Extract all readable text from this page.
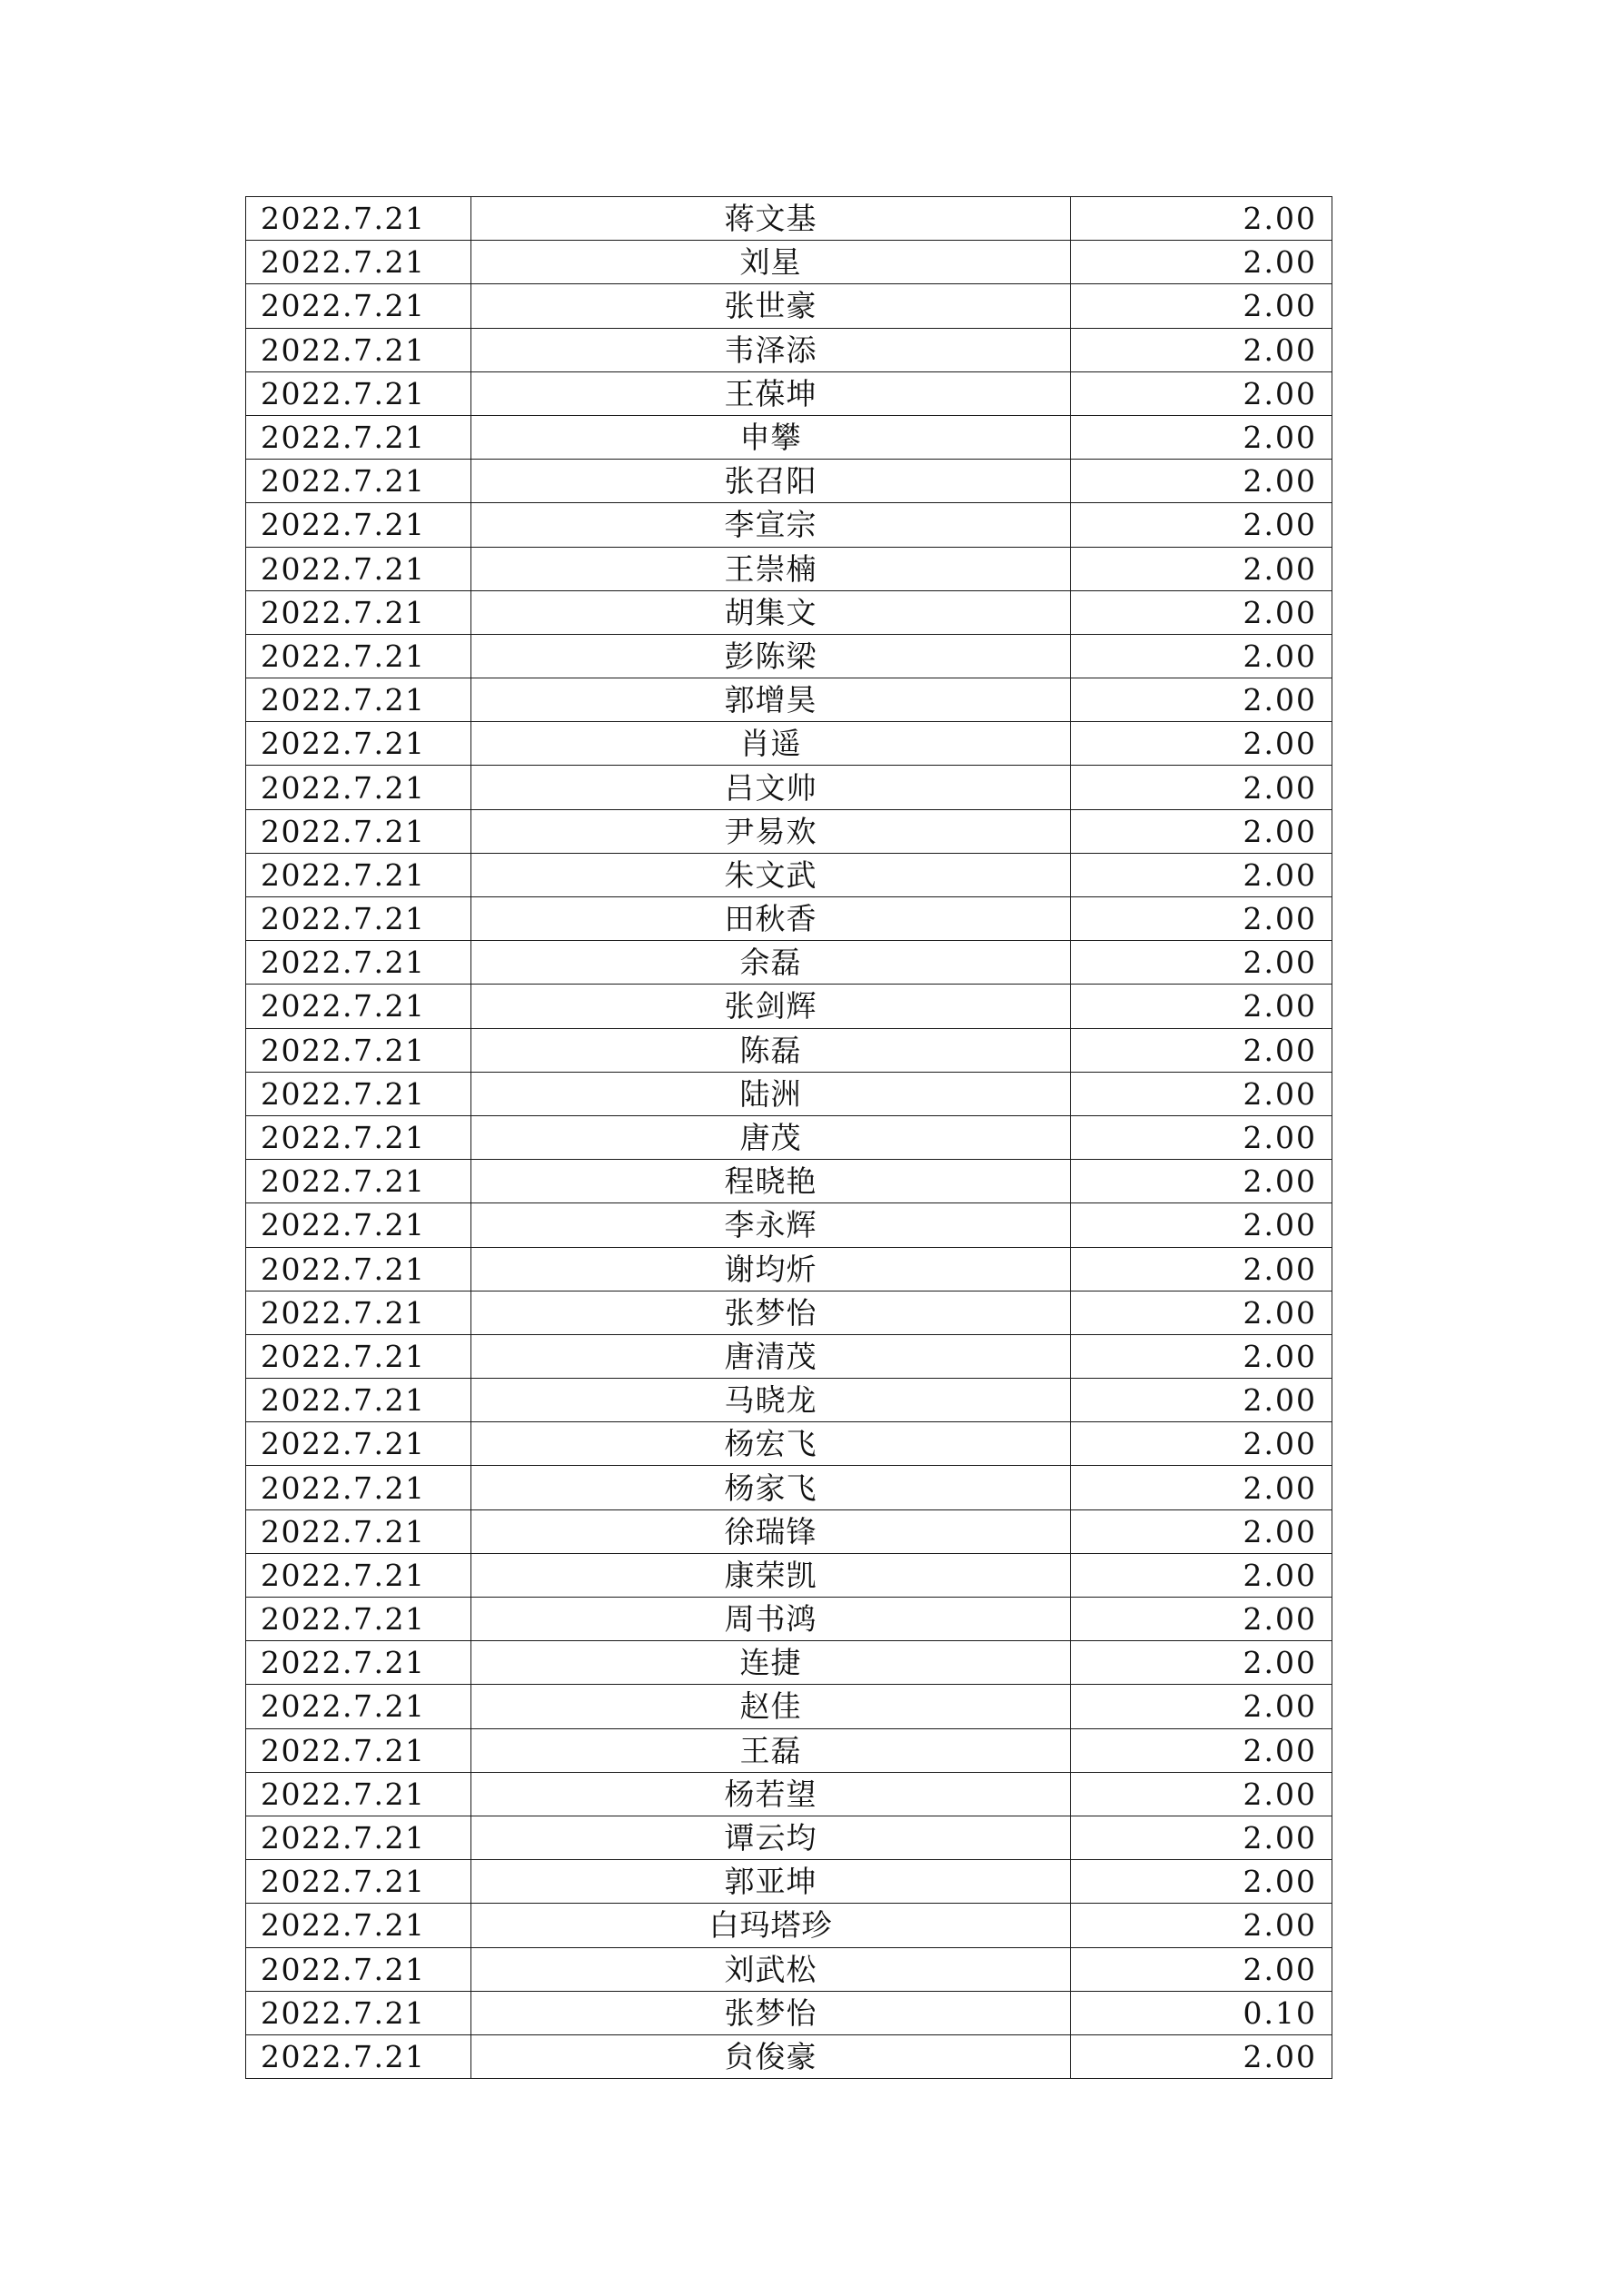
2022.7.21	蒋文基	2.00
2022.7.21	刘星	2.00
2022.7.21	张世豪	2.00
2022.7.21	韦泽添	2.00
2022.7.21	王葆坤	2.00
2022.7.21	申攀	2.00
2022.7.21	张召阳	2.00
2022.7.21	李宣宗	2.00
2022.7.21	王崇楠	2.00
2022.7.21	胡集文	2.00
2022.7.21	彭陈梁	2.00
2022.7.21	郭增昊	2.00
2022.7.21	肖遥	2.00
2022.7.21	吕文帅	2.00
2022.7.21	尹易欢	2.00
2022.7.21	朱文武	2.00
2022.7.21	田秋香	2.00
2022.7.21	余磊	2.00
2022.7.21	张剑辉	2.00
2022.7.21	陈磊	2.00
2022.7.21	陆洲	2.00
2022.7.21	唐茂	2.00
2022.7.21	程晓艳	2.00
2022.7.21	李永辉	2.00
2022.7.21	谢均炘	2.00
2022.7.21	张梦怡	2.00
2022.7.21	唐清茂	2.00
2022.7.21	马晓龙	2.00
2022.7.21	杨宏飞	2.00
2022.7.21	杨家飞	2.00
2022.7.21	徐瑞锋	2.00
2022.7.21	康荣凯	2.00
2022.7.21	周书鸿	2.00
2022.7.21	连捷	2.00
2022.7.21	赵佳	2.00
2022.7.21	王磊	2.00
2022.7.21	杨若望	2.00
2022.7.21	谭云均	2.00
2022.7.21	郭亚坤	2.00
2022.7.21	白玛塔珍	2.00
2022.7.21	刘武松	2.00
2022.7.21	张梦怡	0.10
2022.7.21	贠俊豪	2.00
